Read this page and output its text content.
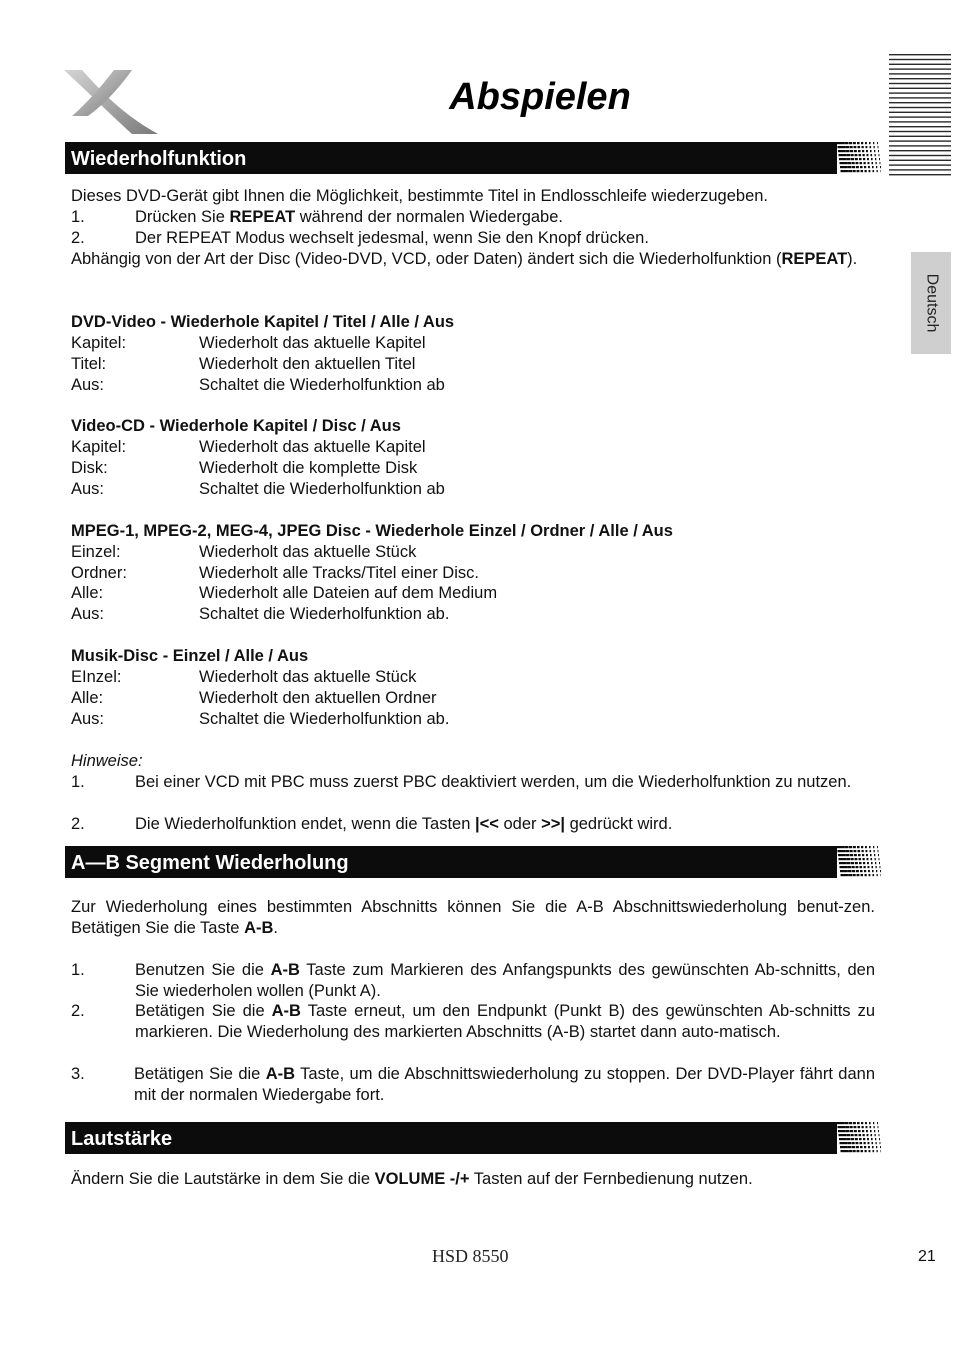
Abspielen
Deutsch
Wiederholfunktion

Dieses DVD-Gerät gibt Ihnen die Möglichkeit, bestimmte Titel in Endlosschleife wiederzugeben.

1.	Drücken Sie REPEAT während der normalen Wiedergabe.
2.	Der REPEAT Modus wechselt jedesmal, wenn Sie den Knopf drücken.

Abhängig von der Art der Disc (Video-DVD, VCD, oder Daten) ändert sich die Wiederholfunktion (REPEAT).

DVD-Video - Wiederhole Kapitel / Titel / Alle / Aus

Kapitel:	Wiederholt das aktuelle Kapitel
Titel:	Wiederholt den aktuellen Titel
Aus:	Schaltet die Wiederholfunktion ab

Video-CD - Wiederhole Kapitel / Disc / Aus

Kapitel:	Wiederholt das aktuelle Kapitel
Disk:	Wiederholt die komplette Disk
Aus:	Schaltet die Wiederholfunktion ab

MPEG-1, MPEG-2, MEG-4, JPEG Disc - Wiederhole Einzel / Ordner / Alle / Aus

Einzel:	Wiederholt das aktuelle Stück
Ordner:	Wiederholt alle Tracks/Titel einer Disc.
Alle:	Wiederholt alle Dateien auf dem Medium
Aus:	Schaltet die Wiederholfunktion ab.

Musik-Disc - Einzel / Alle / Aus

EInzel:	Wiederholt das aktuelle Stück
Alle:	Wiederholt den aktuellen Ordner
Aus:	Schaltet die Wiederholfunktion ab.

Hinweise:

1.	Bei einer VCD mit PBC muss zuerst PBC deaktiviert werden, um die Wiederholfunktion zu nutzen.
2.	Die Wiederholfunktion endet, wenn die Tasten |<< oder >>| gedrückt wird.
A—B Segment Wiederholung

Zur Wiederholung eines bestimmten Abschnitts können Sie die A-B Abschnittswiederholung benut-zen. Betätigen Sie die Taste A-B.

1.	Benutzen Sie die A-B Taste zum Markieren des Anfangspunkts des gewünschten Ab-schnitts, den Sie wiederholen wollen (Punkt A).
2.	Betätigen Sie die A-B Taste erneut, um den Endpunkt (Punkt B) des gewünschten Ab-schnitts zu markieren. Die Wiederholung des markierten Abschnitts (A-B) startet dann auto-matisch.
3.	Betätigen Sie die A-B Taste, um die Abschnittswiederholung zu stoppen. Der DVD-Player fährt dann mit der normalen Wiedergabe fort.
Lautstärke

Ändern Sie die Lautstärke in dem Sie die VOLUME -/+ Tasten auf der Fernbedienung nutzen.

HSD 8550	21
